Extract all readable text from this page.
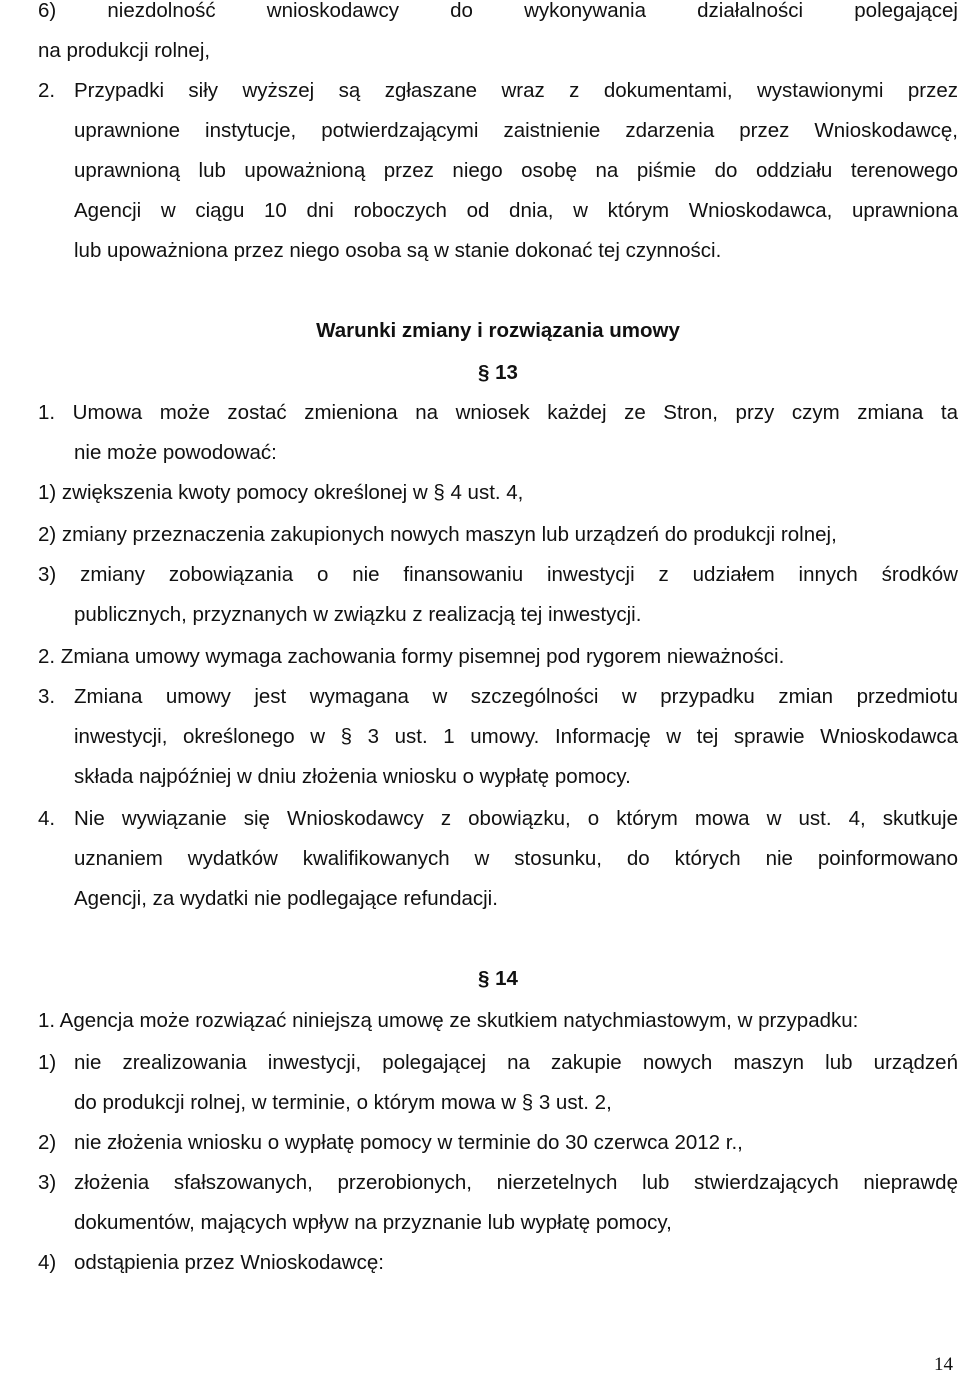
6) niezdolność wnioskodawcy do wykonywania działalności polegającej
na produkcji rolnej,
2. Przypadki siły wyższej są zgłaszane wraz z dokumentami, wystawionymi przez
uprawnione instytucje, potwierdzającymi zaistnienie zdarzenia przez Wnioskodawcę,
uprawnioną lub upoważnioną przez niego osobę na piśmie do oddziału terenowego
Agencji w ciągu 10 dni roboczych od dnia, w którym Wnioskodawca, uprawniona
lub upoważniona przez niego osoba są w stanie dokonać tej czynności.
Warunki zmiany i rozwiązania umowy
§ 13
1. Umowa może zostać zmieniona na wniosek każdej ze Stron, przy czym zmiana ta
nie może powodować:
1) zwiększenia kwoty pomocy określonej w § 4 ust. 4,
2) zmiany przeznaczenia zakupionych nowych maszyn lub urządzeń do produkcji rolnej,
3) zmiany zobowiązania o nie finansowaniu inwestycji z udziałem innych środków
publicznych, przyznanych w związku z realizacją tej inwestycji.
2. Zmiana umowy wymaga zachowania formy pisemnej pod rygorem nieważności.
3. Zmiana umowy jest wymagana w szczególności w przypadku zmian przedmiotu
inwestycji, określonego w § 3 ust. 1 umowy. Informację w tej sprawie Wnioskodawca
składa najpóźniej w dniu złożenia wniosku o wypłatę pomocy.
4. Nie wywiązanie się Wnioskodawcy z obowiązku, o którym mowa w ust. 4, skutkuje
uznaniem wydatków kwalifikowanych w stosunku, do których nie poinformowano
Agencji, za wydatki nie podlegające refundacji.
§ 14
1. Agencja może rozwiązać niniejszą umowę ze skutkiem natychmiastowym, w przypadku:
1) nie zrealizowania inwestycji, polegającej na zakupie nowych maszyn lub urządzeń
do produkcji rolnej, w terminie, o którym mowa w § 3 ust. 2,
2) nie złożenia wniosku o wypłatę pomocy w terminie do 30 czerwca 2012 r.,
3) złożenia sfałszowanych, przerobionych, nierzetelnych lub stwierdzających nieprawdę
dokumentów, mających wpływ na przyznanie lub wypłatę pomocy,
4) odstąpienia przez Wnioskodawcę:
14
